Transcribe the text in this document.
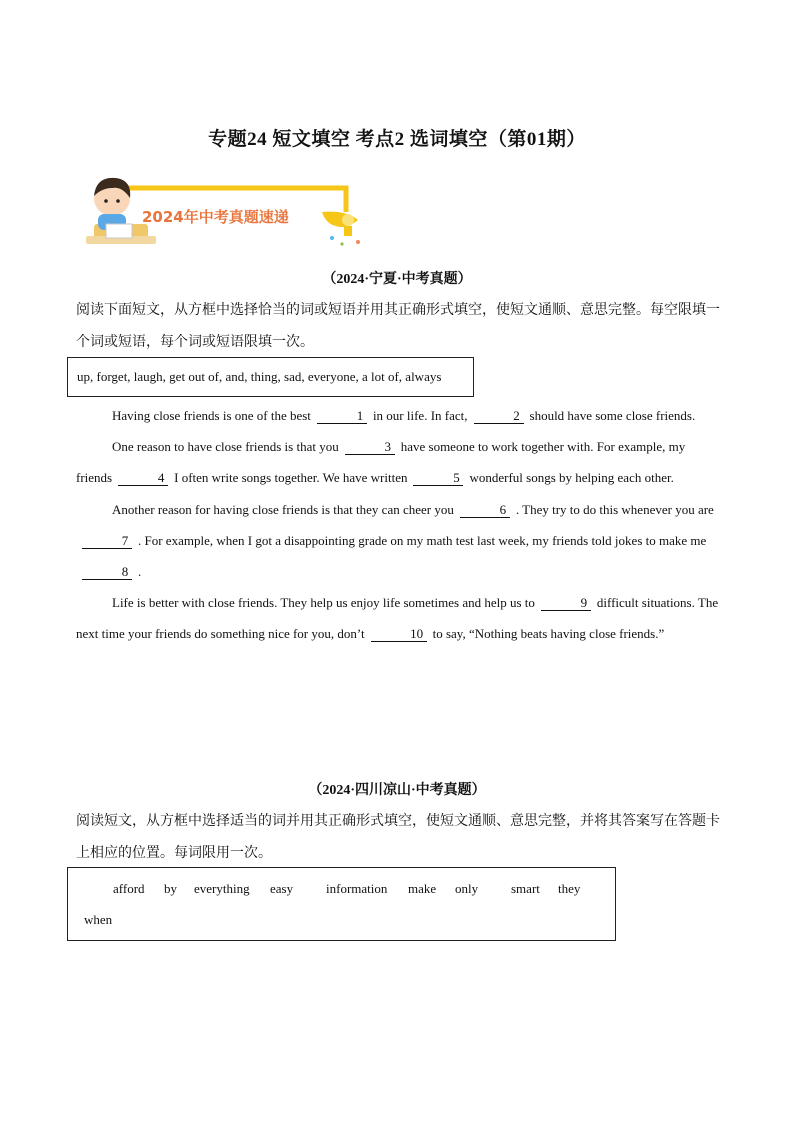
专题24 短文填空 考点2 选词填空（第01期）
2024年中考真题速递
（2024·宁夏·中考真题）
阅读下面短文，从方框中选择恰当的词或短语并用其正确形式填空，使短文通顺、意思完整。每空限填一个词或短语，每个词或短语限填一次。
up, forget, laugh, get out of, and, thing, sad, everyone, a lot of, always

Having close friends is one of the best	1 in our life. In fact,	2 should have some close friends.

One reason to have close friends is that you	3 have someone to work together with. For example, my friends	4 I often write songs together. We have written	5 wonderful songs by helping each other.

Another reason for having close friends is that they can cheer you	6 . They try to do this whenever you are7 . For example, when I got a disappointing grade on my math test last week, my friends told jokes to make me8 .

Life is better with close friends. They help us enjoy life sometimes and help us to	9 difficult situations. The next time your friends do something nice for you, don’t	10 to say, “Nothing beats having close friends.”

（2024·四川凉山·中考真题）
阅读短文，从方框中选择适当的词并用其正确形式填空，使短文通顺、意思完整，并将其答案写在答题卡上相应的位置。每词限用一次。
afford by everything easy	information make only	smart they
when
